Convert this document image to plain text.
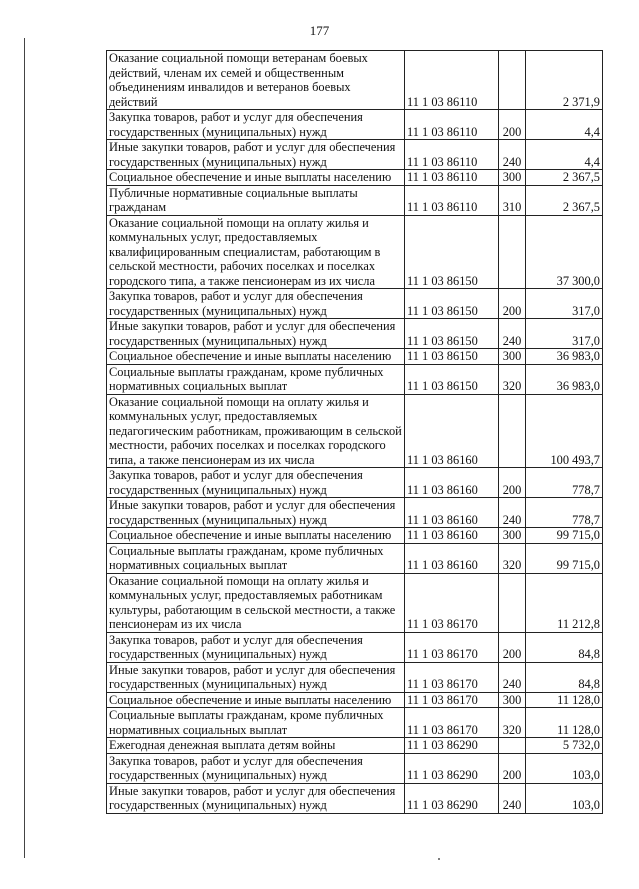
177
Оказание социальной помощи ветеранам боевых действий, членам их семей и общественным объединениям инвалидов и ветеранов боевых действий	11 1 03 86110		2 371,9
Закупка товаров, работ и услуг для обеспечения государственных (муниципальных) нужд	11 1 03 86110	200	4,4
Иные закупки товаров, работ и услуг для обеспечения государственных (муниципальных) нужд	11 1 03 86110	240	4,4
Социальное обеспечение и иные выплаты населению	11 1 03 86110	300	2 367,5
Публичные нормативные социальные выплаты гражданам	11 1 03 86110	310	2 367,5
Оказание социальной помощи на оплату жилья и коммунальных услуг, предоставляемых квалифицированным специалистам, работающим в сельской местности, рабочих поселках и поселках городского типа, а также пенсионерам из их числа	11 1 03 86150		37 300,0
Закупка товаров, работ и услуг для обеспечения государственных (муниципальных) нужд	11 1 03 86150	200	317,0
Иные закупки товаров, работ и услуг для обеспечения государственных (муниципальных) нужд	11 1 03 86150	240	317,0
Социальное обеспечение и иные выплаты населению	11 1 03 86150	300	36 983,0
Социальные выплаты гражданам, кроме публичных нормативных социальных выплат	11 1 03 86150	320	36 983,0
Оказание социальной помощи на оплату жилья и коммунальных услуг, предоставляемых педагогическим работникам, проживающим в сельской местности, рабочих поселках и поселках городского типа, а также пенсионерам из их числа	11 1 03 86160		100 493,7
Закупка товаров, работ и услуг для обеспечения государственных (муниципальных) нужд	11 1 03 86160	200	778,7
Иные закупки товаров, работ и услуг для обеспечения государственных (муниципальных) нужд	11 1 03 86160	240	778,7
Социальное обеспечение и иные выплаты населению	11 1 03 86160	300	99 715,0
Социальные выплаты гражданам, кроме публичных нормативных социальных выплат	11 1 03 86160	320	99 715,0
Оказание социальной помощи на оплату жилья и коммунальных услуг, предоставляемых работникам культуры, работающим в сельской местности, а также пенсионерам из их числа	11 1 03 86170		11 212,8
Закупка товаров, работ и услуг для обеспечения государственных (муниципальных) нужд	11 1 03 86170	200	84,8
Иные закупки товаров, работ и услуг для обеспечения государственных (муниципальных) нужд	11 1 03 86170	240	84,8
Социальное обеспечение и иные выплаты населению	11 1 03 86170	300	11 128,0
Социальные выплаты гражданам, кроме публичных нормативных социальных выплат	11 1 03 86170	320	11 128,0
Ежегодная денежная выплата детям войны	11 1 03 86290		5 732,0
Закупка товаров, работ и услуг для обеспечения государственных (муниципальных) нужд	11 1 03 86290	200	103,0
Иные закупки товаров, работ и услуг для обеспечения государственных (муниципальных) нужд	11 1 03 86290	240	103,0
